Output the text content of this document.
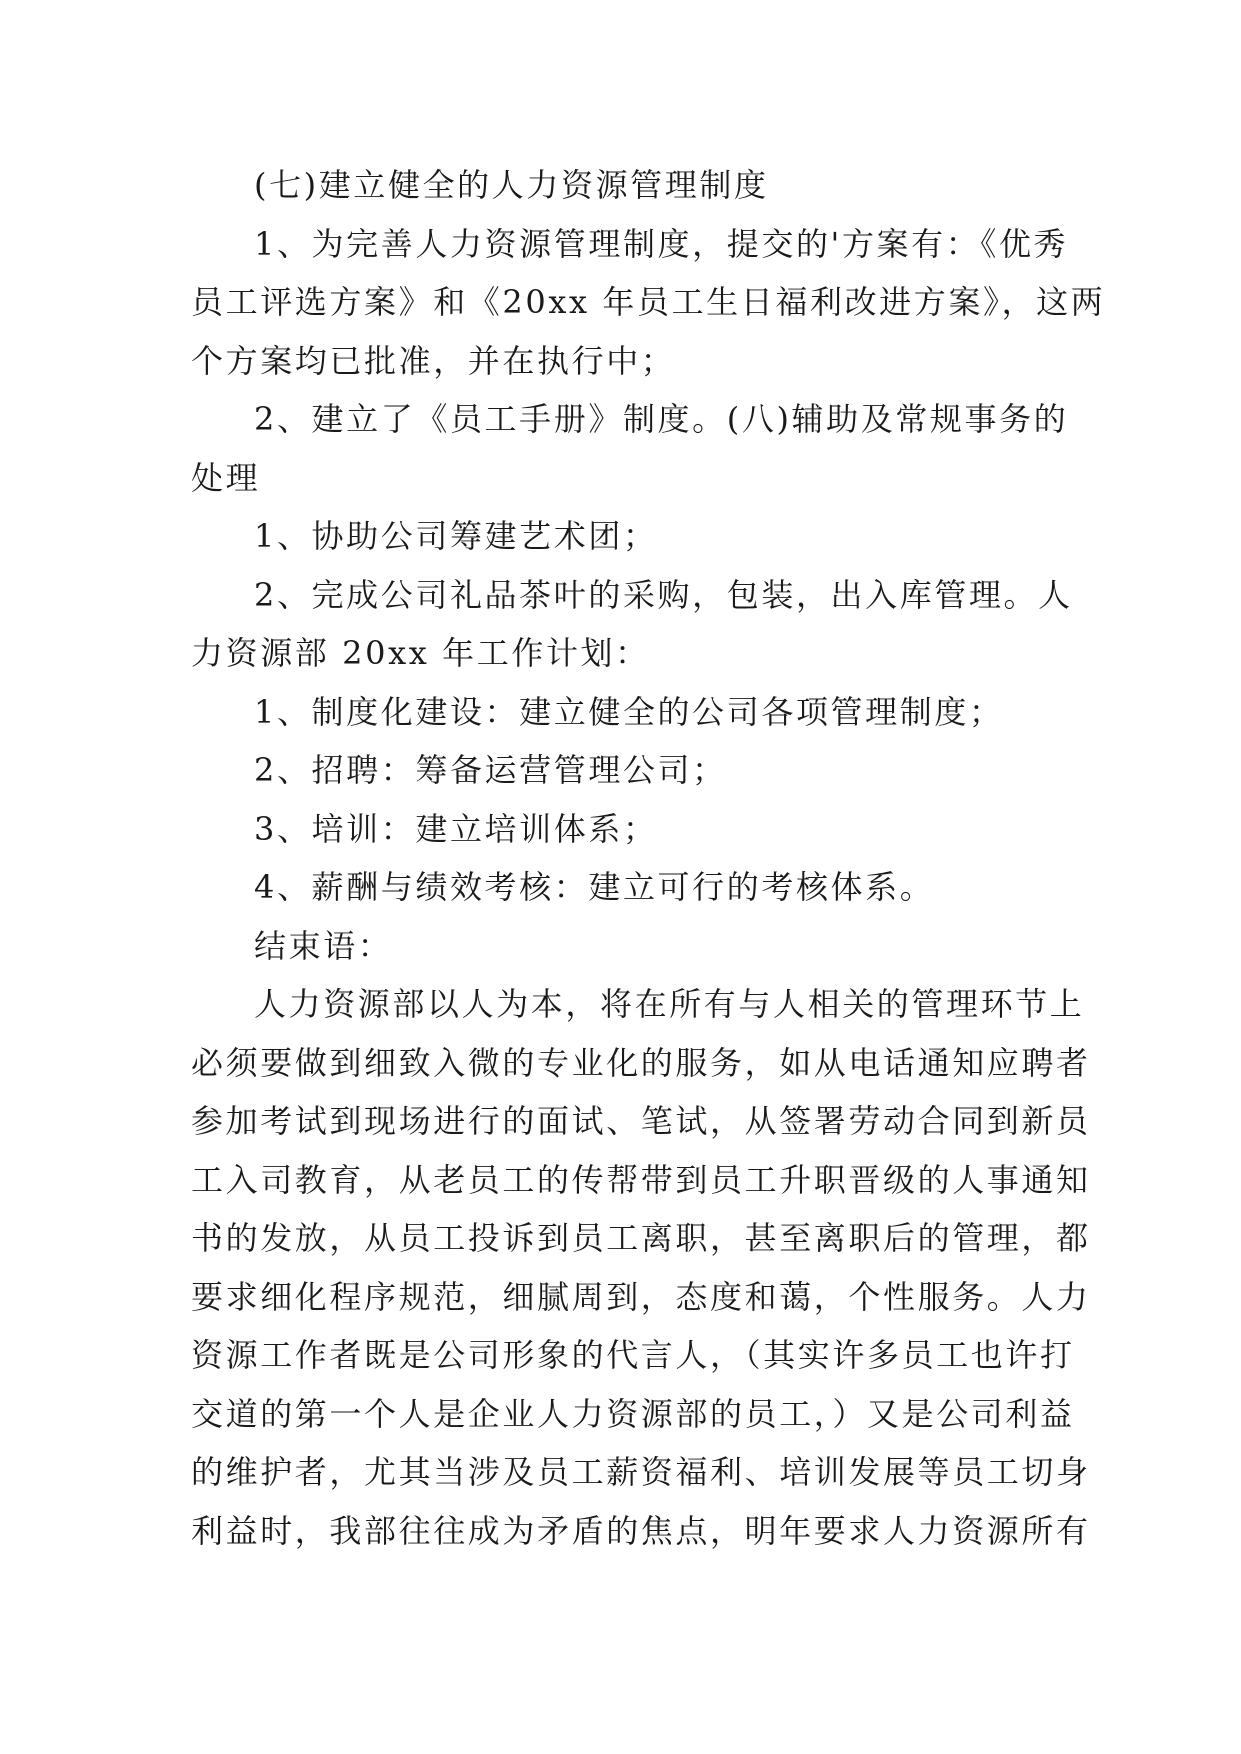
(七)建立健全的人力资源管理制度
1、为完善人力资源管理制度，提交的'方案有：《优秀
员工评选方案》和《20xx 年员工生日福利改进方案》，这两
个方案均已批准，并在执行中；
2、建立了《员工手册》制度。(八)辅助及常规事务的
处理
1、协助公司筹建艺术团；
2、完成公司礼品茶叶的采购，包装，出入库管理。人
力资源部 20xx 年工作计划：
1、制度化建设：建立健全的公司各项管理制度；
2、招聘：筹备运营管理公司；
3、培训：建立培训体系；
4、薪酬与绩效考核：建立可行的考核体系。
结束语：
人力资源部以人为本，将在所有与人相关的管理环节上
必须要做到细致入微的专业化的服务，如从电话通知应聘者
参加考试到现场进行的面试、笔试，从签署劳动合同到新员
工入司教育，从老员工的传帮带到员工升职晋级的人事通知
书的发放，从员工投诉到员工离职，甚至离职后的管理，都
要求细化程序规范，细腻周到，态度和蔼，个性服务。人力
资源工作者既是公司形象的代言人，（其实许多员工也许打
交道的第一个人是企业人力资源部的员工，）又是公司利益
的维护者，尤其当涉及员工薪资福利、培训发展等员工切身
利益时，我部往往成为矛盾的焦点，明年要求人力资源所有
